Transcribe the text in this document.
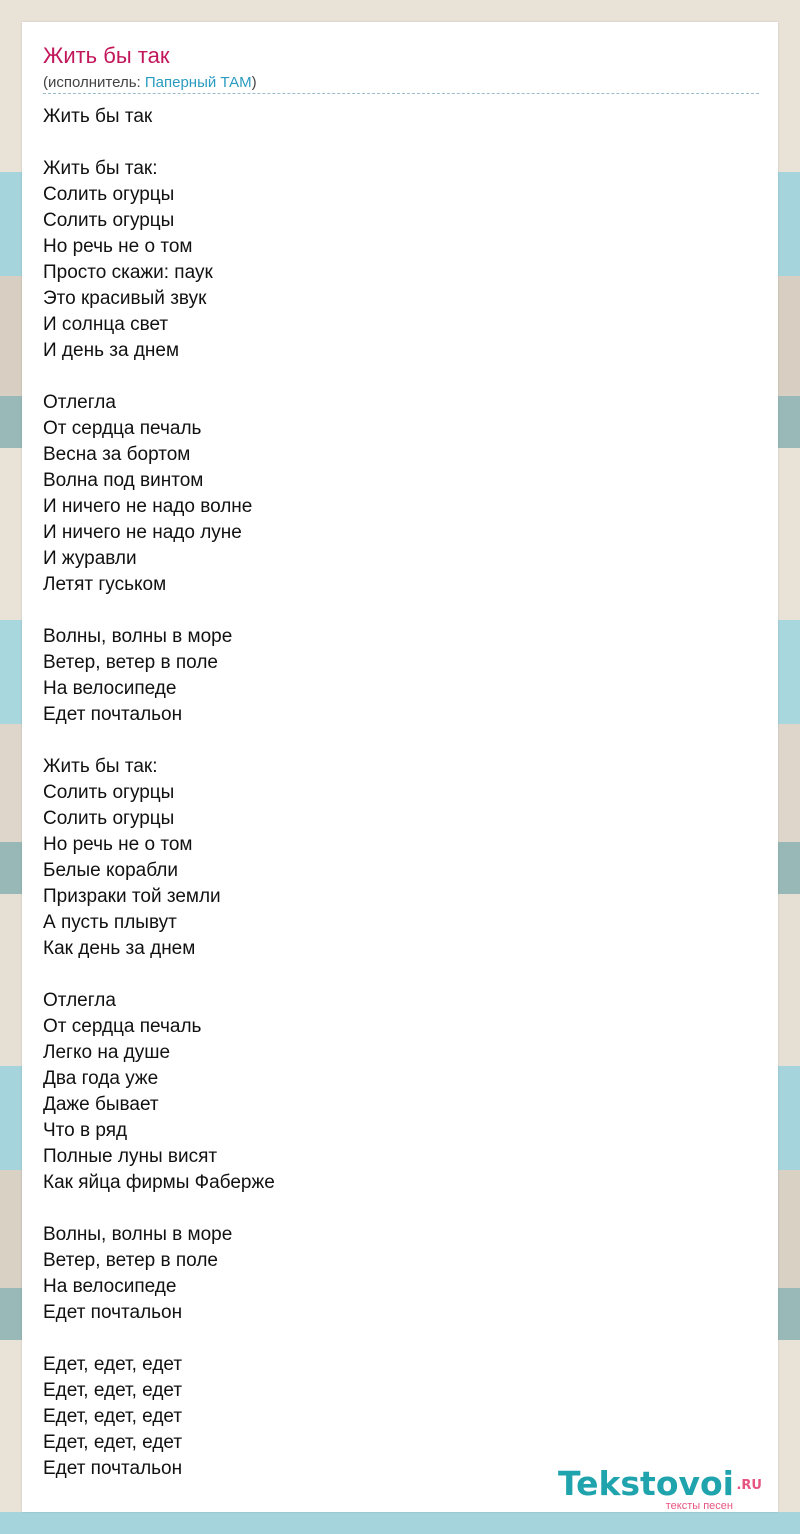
Жить бы так
(исполнитель: Паперный ТАМ)
Жить бы так
Жить бы так:
Солить огурцы
Солить огурцы
Но речь не о том
Просто скажи: паук
Это красивый звук
И солнца свет
И день за днем
Отлегла
От сердца печаль
Весна за бортом
Волна под винтом
И ничего не надо волне
И ничего не надо луне
И журавли
Летят гуськом
Волны, волны в море
Ветер, ветер в поле
На велосипеде
Едет почтальон
Жить бы так:
Солить огурцы
Солить огурцы
Но речь не о том
Белые корабли
Призраки той земли
А пусть плывут
Как день за днем
Отлегла
От сердца печаль
Легко на душе
Два года уже
Даже бывает
Что в ряд
Полные луны висят
Как яйца фирмы Фаберже
Волны, волны в море
Ветер, ветер в поле
На велосипеде
Едет почтальон
Едет, едет, едет
Едет, едет, едет
Едет, едет, едет
Едет, едет, едет
Едет почтальон	Tekstovoi .RU
тексты песен
